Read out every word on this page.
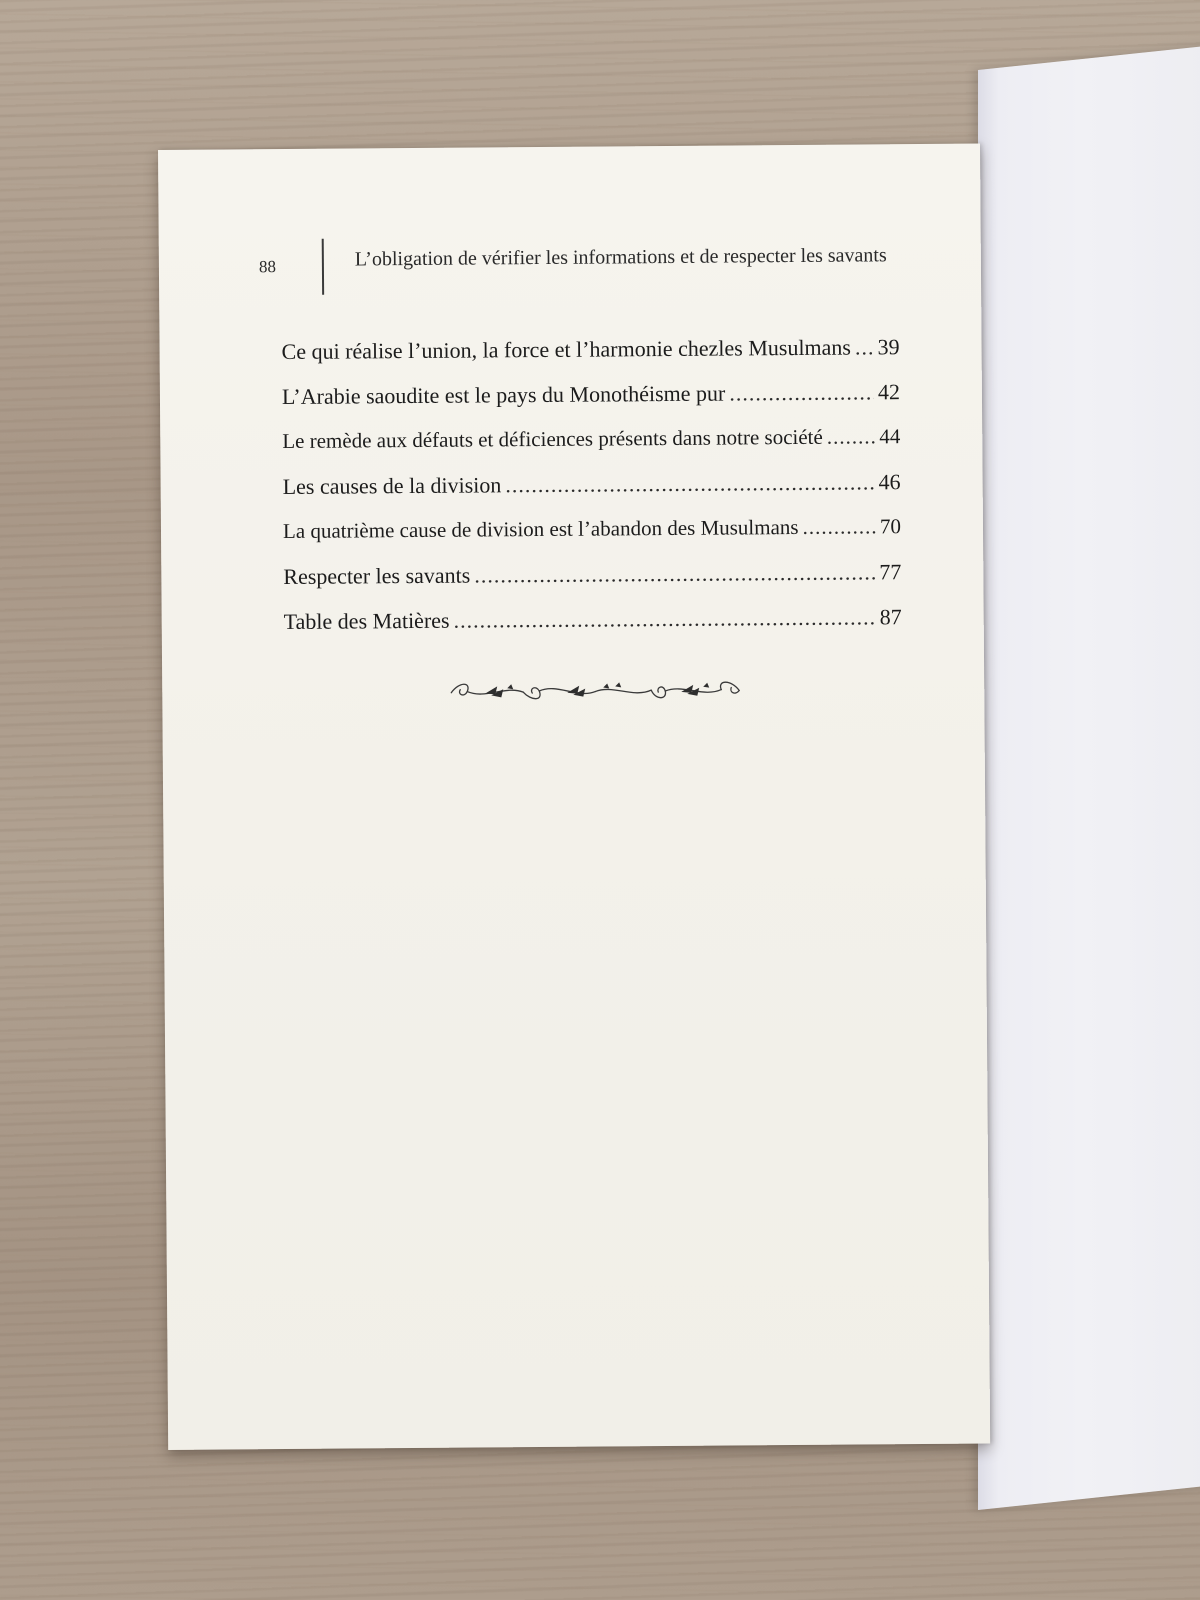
88	L’obligation de vérifier les informations et de respecter les savants
Ce qui réalise l’union, la force et l’harmonie chezles Musulmans ..... 39
L’Arabie saoudite est le pays du Monothéisme pur .....	42
Le remède aux défauts et déficiences présents dans notre société .....	44
Les causes de la division .....	46
La quatrième cause de division est l’abandon des Musulmans .....	70
Respecter les savants .....	77
Table des Matières .....	87
